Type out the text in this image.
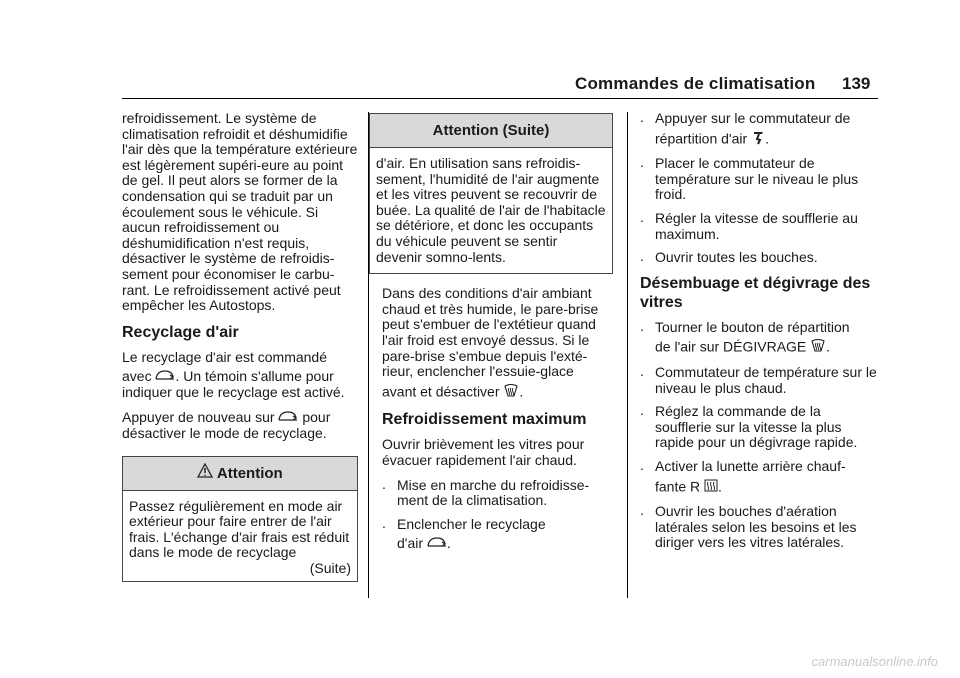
Commandes de climatisation 139

refroidissement. Le système de climatisation refroidit et déshumidifie l'air dès que la température extérieure est légèrement supéri-eure au point de gel. Il peut alors se former de la condensation qui se traduit par un écoulement sous le véhicule. Si aucun refroidissement ou déshumidification n'est requis, désactiver le système de refroidis-sement pour économiser le carbu-rant. Le refroidissement activé peut empêcher les Autostops.

Recyclage d'air

Le recyclage d'air est commandé

avec . Un témoin s'allume pour indiquer que le recyclage est activé.

Appuyer de nouveau sur  pour désactiver le mode de recyclage.

Attention
Passez régulièrement en mode air extérieur pour faire entrer de l'air frais. L'échange d'air frais est réduit dans le mode de recyclage
(Suite)
Attention (Suite)
d'air. En utilisation sans refroidis-sement, l'humidité de l'air augmente et les vitres peuvent se recouvrir de buée. La qualité de l'air de l'habitacle se détériore, et donc les occupants du véhicule peuvent se sentir devenir somno-lents.

Dans des conditions d'air ambiant chaud et très humide, le pare-brise peut s'embuer de l'extétieur quand l'air froid est envoyé dessus. Si le pare-brise s'embue depuis l'exté-rieur, enclencher l'essuie-glace

avant et désactiver .

Refroidissement maximum

Ouvrir brièvement les vitres pour évacuer rapidement l'air chaud.

. Mise en marche du refroidisse-ment de la climatisation.
. Enclencher le recyclage
d'air .
. Appuyer sur le commutateur de
répartition d'air .
. Placer le commutateur de température sur le niveau le plus froid.
. Régler la vitesse de soufflerie au maximum.
. Ouvrir toutes les bouches.
Désembuage et dégivrage des vitres
. Tourner le bouton de répartition
de l'air sur DÉGIVRAGE .
. Commutateur de température sur le niveau le plus chaud.
. Réglez la commande de la soufflerie sur la vitesse la plus rapide pour un dégivrage rapide.
. Activer la lunette arrière chauf-
fante R .
. Ouvrir les bouches d'aération latérales selon les besoins et les diriger vers les vitres latérales.
carmanualsonline.info
